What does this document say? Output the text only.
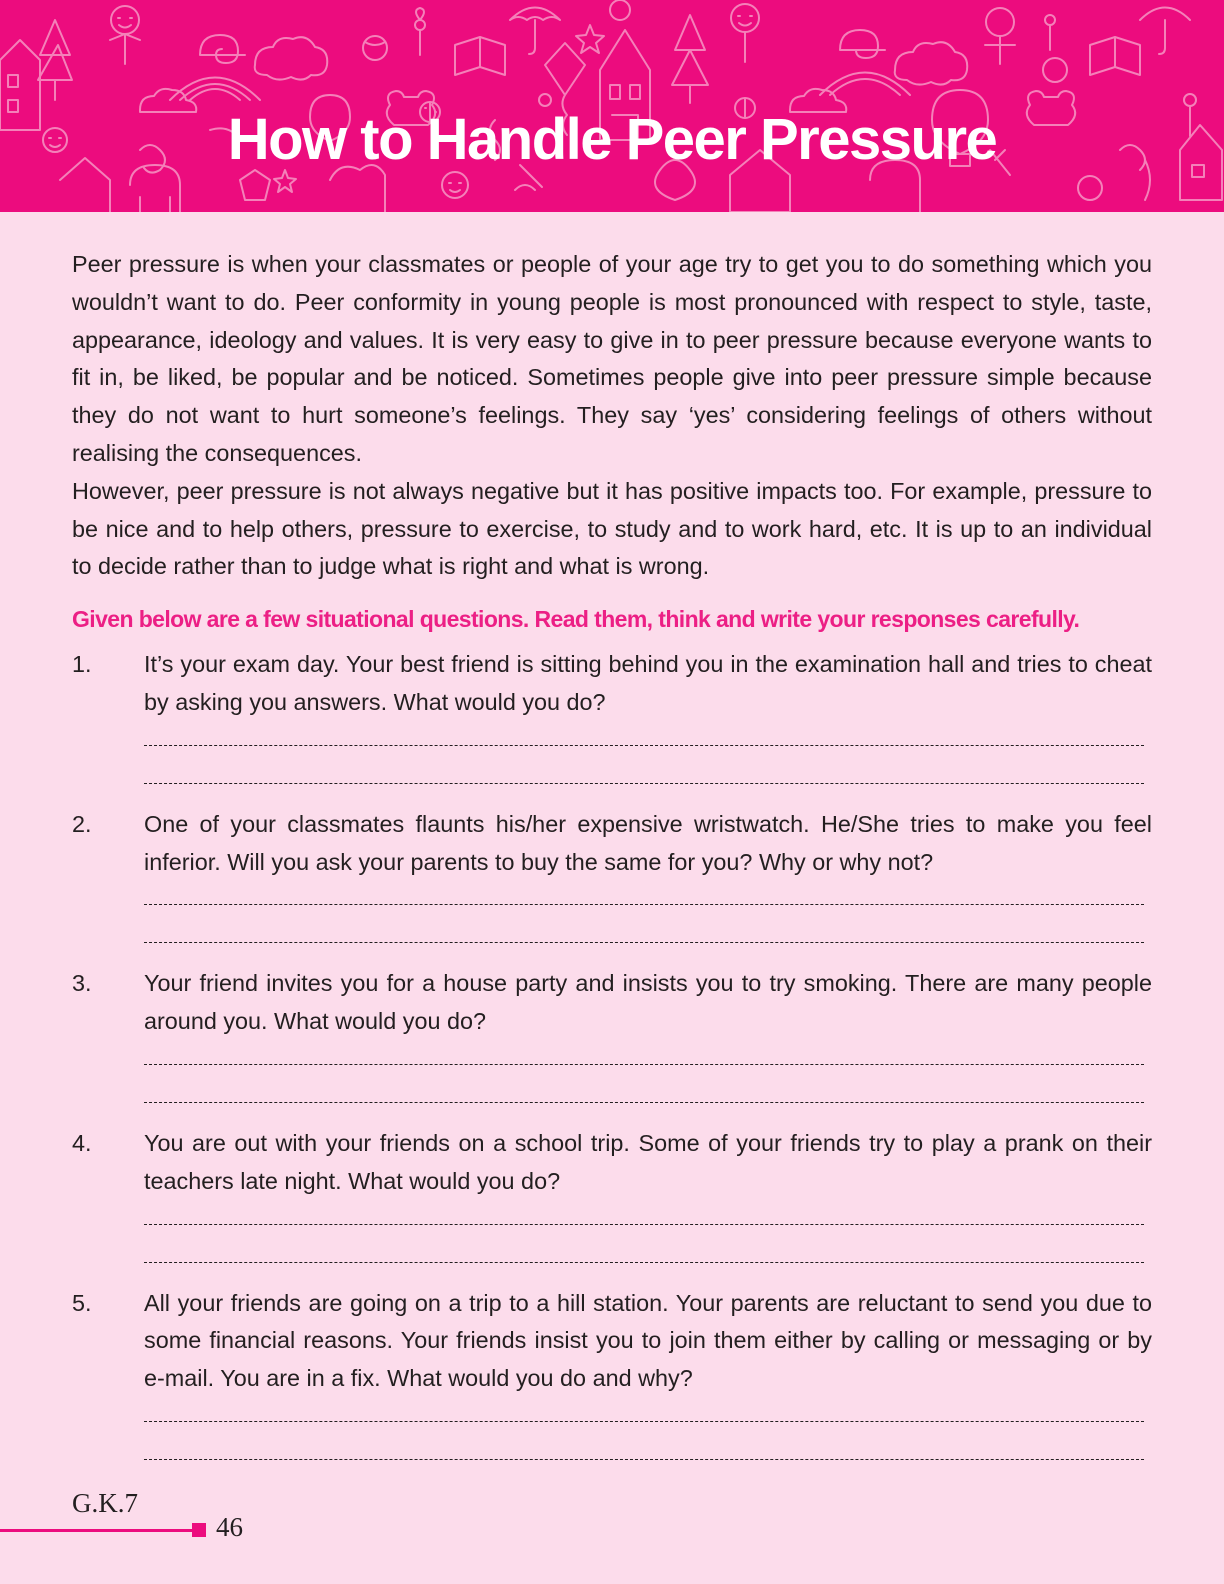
How to Handle Peer Pressure

Peer pressure is when your classmates or people of your age try to get you to do something which you wouldn’t want to do. Peer conformity in young people is most pronounced with respect to style, taste, appearance, ideology and values. It is very easy to give in to peer pressure because everyone wants to fit in, be liked, be popular and be noticed. Sometimes people give into peer pressure simple because they do not want to hurt someone’s feelings. They say ‘yes’ considering feelings of others without realising the consequences.

However, peer pressure is not always negative but it has positive impacts too. For example, pressure to be nice and to help others, pressure to exercise, to study and to work hard, etc. It is up to an individual to decide rather than to judge what is right and what is wrong.

Given below are a few situational questions. Read them, think and write your responses carefully.

1.	It’s your exam day. Your best friend is sitting behind you in the examination hall and tries to cheat by asking you answers. What would you do?
2.	One of your classmates flaunts his/her expensive wristwatch. He/She tries to make you feel inferior. Will you ask your parents to buy the same for you? Why or why not?
3.	Your friend invites you for a house party and insists you to try smoking. There are many people around you. What would you do?
4.	You are out with your friends on a school trip. Some of your friends try to play a prank on their teachers late night. What would you do?
5.	All your friends are going on a trip to a hill station. Your parents are reluctant to send you due to some financial reasons. Your friends insist you to join them either by calling or messaging or by e-mail. You are in a fix. What would you do and why?
G.K.7
46
